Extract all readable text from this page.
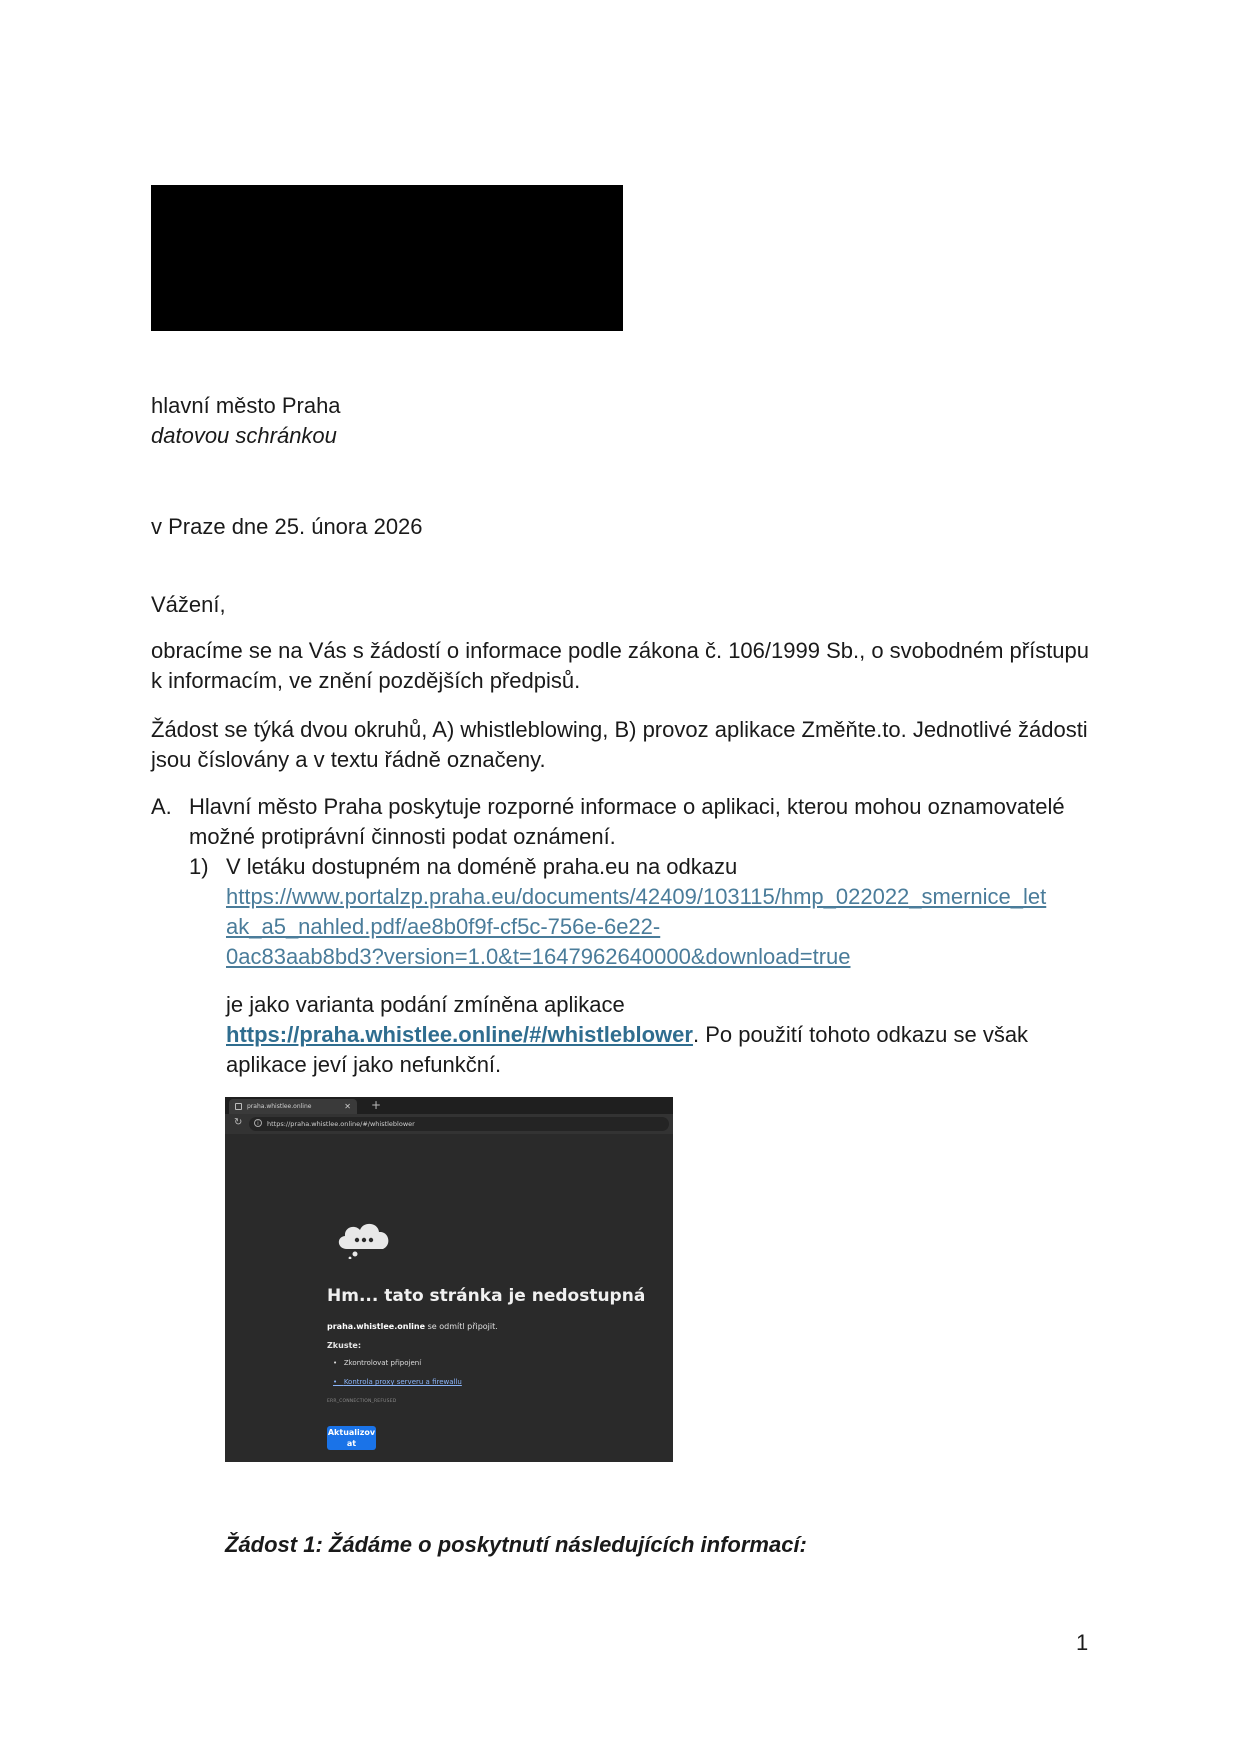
hlavní město Praha
datovou schránkou
v Praze dne 25. února 2026
Vážení,
obracíme se na Vás s žádostí o informace podle zákona č. 106/1999 Sb., o svobodném přístupu
k informacím, ve znění pozdějších předpisů.
Žádost se týká dvou okruhů, A) whistleblowing, B) provoz aplikace Změňte.to. Jednotlivé žádosti
jsou číslovány a v textu řádně označeny.
A. Hlavní město Praha poskytuje rozporné informace o aplikaci, kterou mohou oznamovatelé
možné protiprávní činnosti podat oznámení.
1) V letáku dostupném na doméně praha.eu na odkazu
https://www.portalzp.praha.eu/documents/42409/103115/hmp_022022_smernice_let
ak_a5_nahled.pdf/ae8b0f9f-cf5c-756e-6e22-
0ac83aab8bd3?version=1.0&t=1647962640000&download=true
je jako varianta podání zmíněna aplikace
https://praha.whistlee.online/#/whistleblower. Po použití tohoto odkazu se však
aplikace jeví jako nefunkční.
praha.whistlee.online	✕ +
↻	i	https://praha.whistlee.online/#/whistleblower
Hm... tato stránka je nedostupná
praha.whistlee.online se odmítl připojit.
Zkuste:
•   Zkontrolovat připojení
•   Kontrola proxy serveru a firewallu
ERR_CONNECTION_REFUSED
Aktualizovat
Žádost 1: Žádáme o poskytnutí následujících informací:
1
